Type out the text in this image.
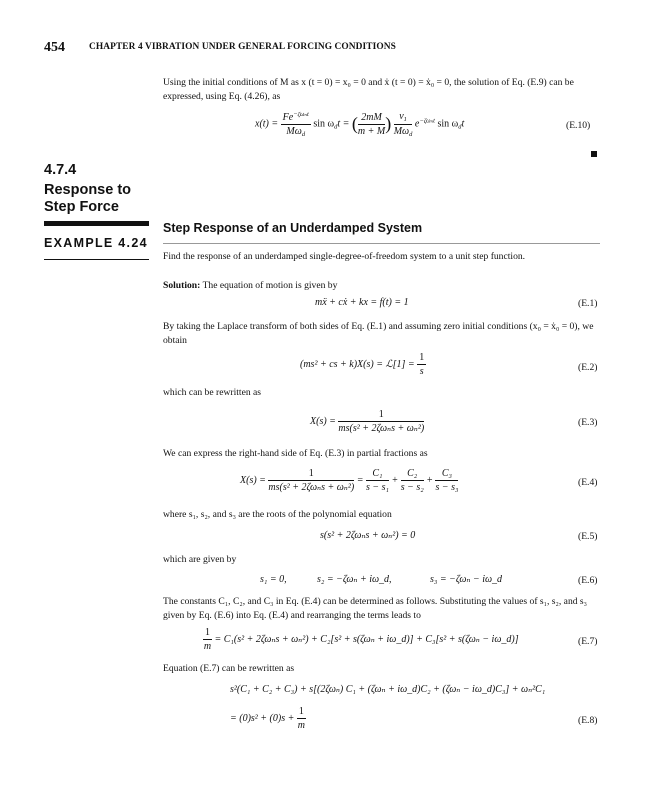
454	CHAPTER 4 VIBRATION UNDER GENERAL FORCING CONDITIONS
Using the initial conditions of M as x (t = 0) = x₀ = 0 and ẋ (t = 0) = ẋ₀ = 0, the solution of Eq. (E.9) can be expressed, using Eq. (4.26), as
$x(t) = \frac{Fe^{-\zeta\omega_nt}}{M\omega_d}$ $\sin \omega_dt$ = ( $\frac{2mM}{m + M}$ ) $\frac{v_1}{M\omega_d} e^{-\zeta\omega_nt}$ $\sin \omega_dt$	(E.10)
4.7.4
Response to Step Force
EXAMPLE 4.24
Step Response of an Underdamped System
Find the response of an underdamped single-degree-of-freedom system to a unit step function.
Solution: The equation of motion is given by
mẍ + cẋ + kx = f(t) = 1	(E.1)
By taking the Laplace transform of both sides of Eq. (E.1) and assuming zero initial conditions (x₀ = ẋ₀ = 0), we obtain
(ms² + cs + k)X(s) = ℒ[1] = $\frac{1}{s}$	(E.2)
which can be rewritten as
$X(s) = \frac{1}{\text{ms(s² + 2ζωₙs + ωₙ²)}}$	(E.3)
We can express the right-hand side of Eq. (E.3) in partial fractions as
$X(s) = \frac{1}{\text{ms(s² + 2ζωₙs + ωₙ²)}} = \frac{\text{C₁}}{\text{s − s₁}} + \frac{\text{C₂}}{\text{s − s₂}} + \frac{\text{C₃}}{\text{s − s₃}}$	(E.4)
where s₁, s₂, and s₃ are the roots of the polynomial equation
s(s² + 2ζωₙs + ωₙ²) = 0	(E.5)
which are given by
s₁ = 0,	s₂ = −ζωₙ + iω_d,	s₃ = −ζωₙ − iω_d	(E.6)
The constants C₁, C₂, and C₃ in Eq. (E.4) can be determined as follows. Substituting the values of s₁, s₂, and s₃ given by Eq. (E.6) into Eq. (E.4) and rearranging the terms leads to
$\frac{1}{m} = C_1(s^2 + 2\zeta\omega_ns + \omega_n^2) + C_2[s^2 + s(\zeta\omega_n$ + iω_d)] + C₃[s² + s(ζωₙ − iω_d)]	(E.7)
Equation (E.7) can be rewritten as
s²(C₁ + C₂ + C₃) + s[(2ζωₙ) C₁ + (ζωₙ + iω_d)C₂ + (ζωₙ − iω_d)C₃] + ωₙ²C₁
= $(0)s^2 + (0)s + \frac{1}{m}$	(E.8)
